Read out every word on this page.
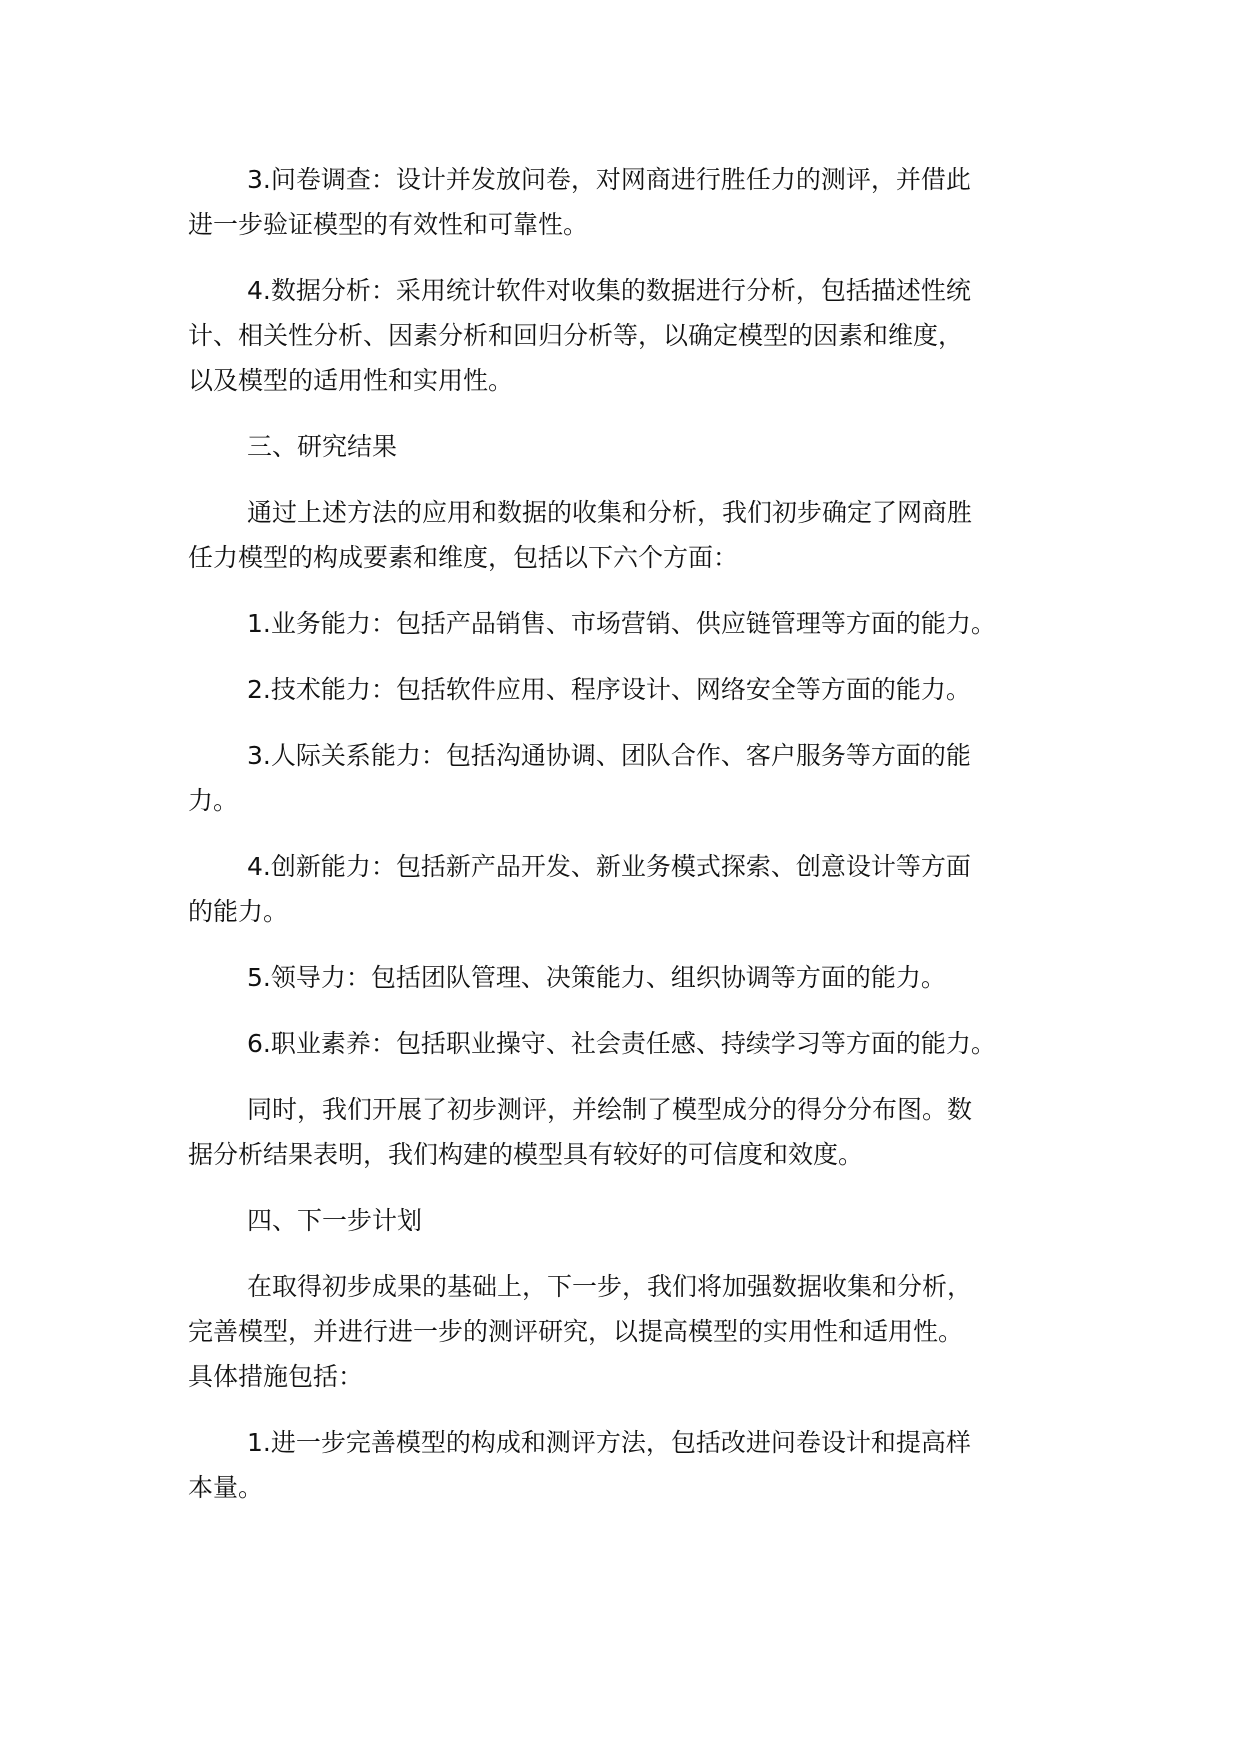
3.问卷调查：设计并发放问卷，对网商进行胜任力的测评，并借此
进一步验证模型的有效性和可靠性。

4.数据分析：采用统计软件对收集的数据进行分析，包括描述性统
计、相关性分析、因素分析和回归分析等，以确定模型的因素和维度，
以及模型的适用性和实用性。

三、研究结果

通过上述方法的应用和数据的收集和分析，我们初步确定了网商胜
任力模型的构成要素和维度，包括以下六个方面：

1.业务能力：包括产品销售、市场营销、供应链管理等方面的能力。

2.技术能力：包括软件应用、程序设计、网络安全等方面的能力。

3.人际关系能力：包括沟通协调、团队合作、客户服务等方面的能
力。

4.创新能力：包括新产品开发、新业务模式探索、创意设计等方面
的能力。

5.领导力：包括团队管理、决策能力、组织协调等方面的能力。

6.职业素养：包括职业操守、社会责任感、持续学习等方面的能力。

同时，我们开展了初步测评，并绘制了模型成分的得分分布图。数
据分析结果表明，我们构建的模型具有较好的可信度和效度。

四、下一步计划

在取得初步成果的基础上，下一步，我们将加强数据收集和分析，
完善模型，并进行进一步的测评研究，以提高模型的实用性和适用性。
具体措施包括：

1.进一步完善模型的构成和测评方法，包括改进问卷设计和提高样
本量。
